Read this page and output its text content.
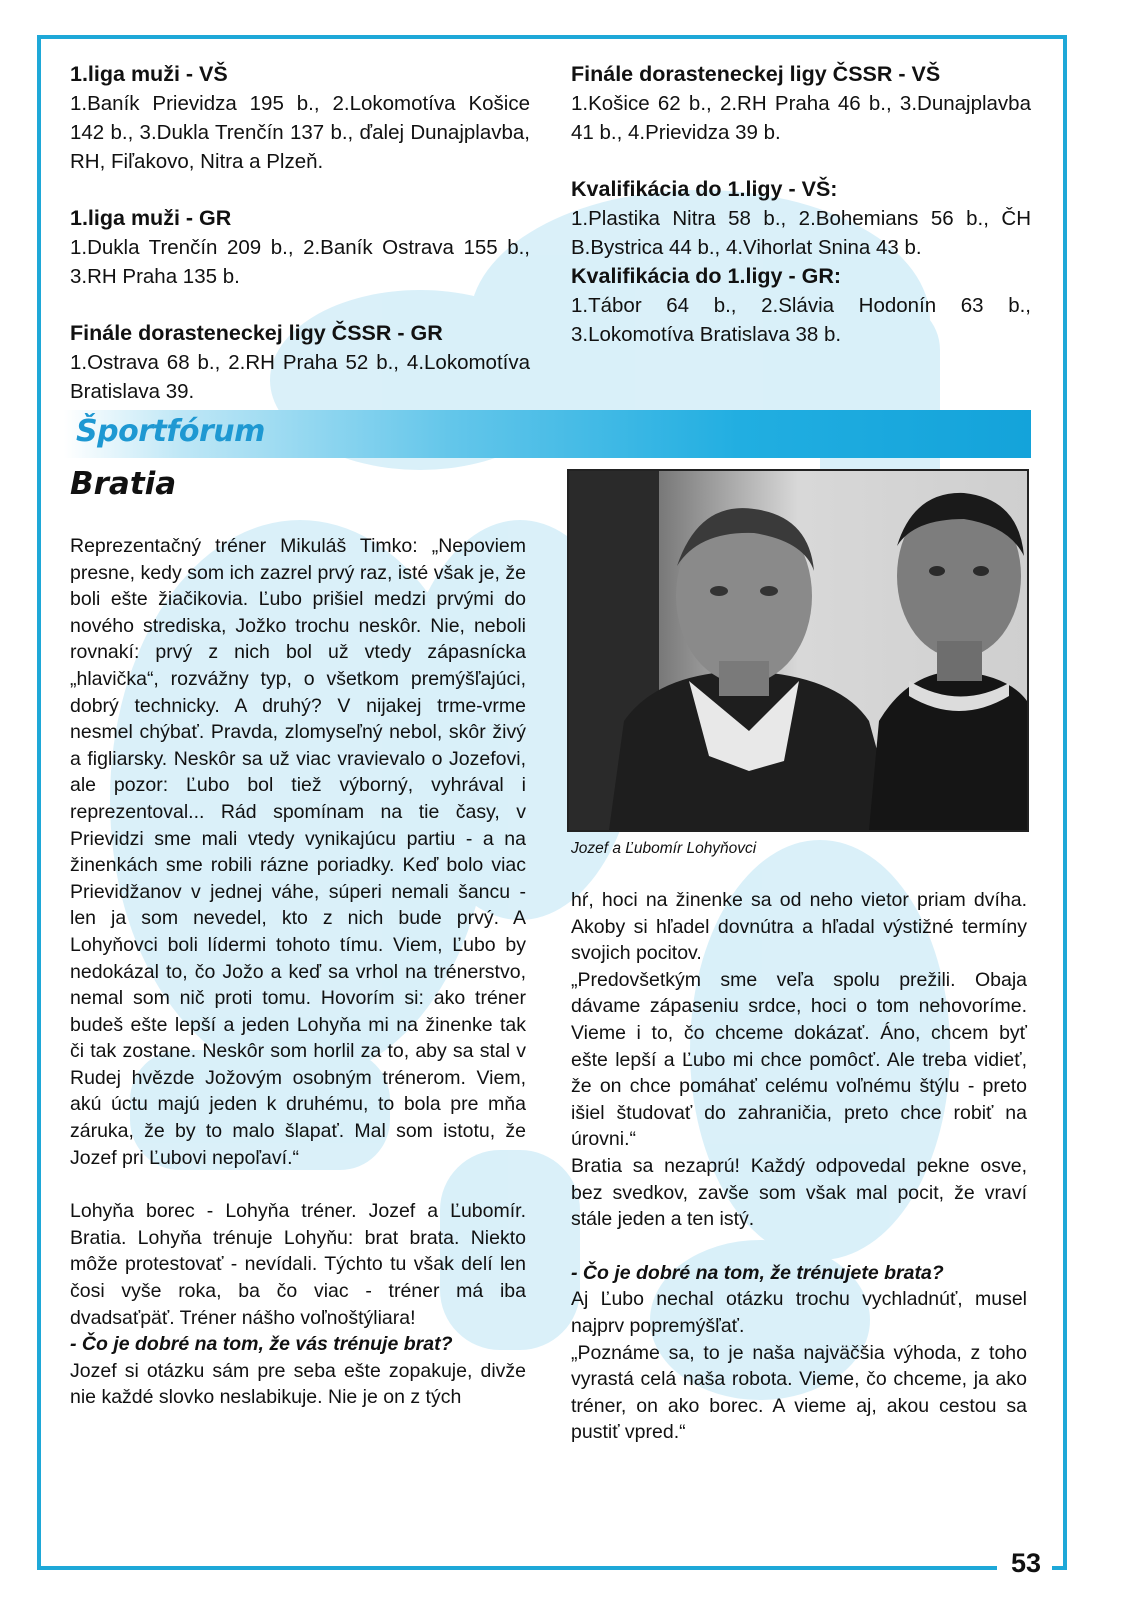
53

1.liga muži - VŠ

1.Baník Prievidza 195 b., 2.Lokomotíva Košice 142 b., 3.Dukla Trenčín 137 b., ďalej Dunajplavba, RH, Fiľakovo, Nitra a Plzeň.

1.liga muži - GR

1.Dukla Trenčín 209 b., 2.Baník Ostrava 155 b., 3.RH Praha 135 b.

Finále dorasteneckej ligy ČSSR - GR

1.Ostrava 68 b., 2.RH Praha 52 b., 4.Lokomotíva Bratislava 39.

Finále dorasteneckej ligy ČSSR - VŠ

1.Košice 62 b., 2.RH Praha 46 b., 3.Dunajplavba 41 b., 4.Prievidza 39 b.

Kvalifikácia do 1.ligy - VŠ:

1.Plastika Nitra 58 b., 2.Bohemians 56 b., ČH B.Bystrica 44 b., 4.Vihorlat Snina 43 b.

Kvalifikácia do 1.ligy - GR:

1.Tábor 64 b., 2.Slávia Hodonín 63 b., 3.Lokomotíva Bratislava 38 b.

Športfórum
Bratia
Jozef a Ľubomír Lohyňovci

Reprezentačný tréner Mikuláš Timko: „Nepoviem presne, kedy som ich zazrel prvý raz, isté však je, že boli ešte žiačikovia. Ľubo prišiel medzi prvými do nového strediska, Jožko trochu neskôr. Nie, neboli rovnakí: prvý z nich bol už vtedy zápasnícka „hlavička“, rozvážny typ, o všetkom premýšľajúci, dobrý technicky. A druhý? V nijakej trme-vrme nesmel chýbať. Pravda, zlomyseľný nebol, skôr živý a figliarsky. Neskôr sa už viac vravievalo o Jozefovi, ale pozor: Ľubo bol tiež výborný, vyhrával i reprezentoval... Rád spomínam na tie časy, v Prievidzi sme mali vtedy vynikajúcu partiu - a na žinenkách sme robili rázne poriadky. Keď bolo viac Prievidžanov v jednej váhe, súperi nemali šancu - len ja som nevedel, kto z nich bude prvý. A Lohyňovci boli lídermi tohoto tímu. Viem, Ľubo by nedokázal to, čo Jožo a keď sa vrhol na trénerstvo, nemal som nič proti tomu. Hovorím si: ako tréner budeš ešte lepší a jeden Lohyňa mi na žinenke tak či tak zostane. Neskôr som horlil za to, aby sa stal v Rudej hvězde Jožovým osobným trénerom. Viem, akú úctu majú jeden k druhému, to bola pre mňa záruka, že by to malo šlapať. Mal som istotu, že Jozef pri Ľubovi nepoľaví.“

Lohyňa borec - Lohyňa tréner. Jozef a Ľubomír. Bratia. Lohyňa trénuje Lohyňu: brat brata. Niekto môže protestovať - nevídali. Týchto tu však delí len čosi vyše roka, ba čo viac - tréner má iba dvadsaťpäť. Tréner nášho voľnoštýliara!

- Čo je dobré na tom, že vás trénuje brat?

Jozef si otázku sám pre seba ešte zopakuje, divže nie každé slovko neslabikuje. Nie je on z tých

hŕ, hoci na žinenke sa od neho vietor priam dvíha. Akoby si hľadel dovnútra a hľadal výstižné termíny svojich pocitov.

„Predovšetkým sme veľa spolu prežili. Obaja dávame zápaseniu srdce, hoci o tom nehovoríme. Vieme i to, čo chceme dokázať. Áno, chcem byť ešte lepší a Ľubo mi chce pomôcť. Ale treba vidieť, že on chce pomáhať celému voľnému štýlu - preto išiel študovať do zahraničia, preto chce robiť na úrovni.“

Bratia sa nezaprú! Každý odpovedal pekne osve, bez svedkov, zavše som však mal pocit, že vraví stále jeden a ten istý.

- Čo je dobré na tom, že trénujete brata?

Aj Ľubo nechal otázku trochu vychladnúť, musel najprv popremýšľať.

„Poznáme sa, to je naša najväčšia výhoda, z toho vyrastá celá naša robota. Vieme, čo chceme, ja ako tréner, on ako borec. A vieme aj, akou cestou sa pustiť vpred.“
